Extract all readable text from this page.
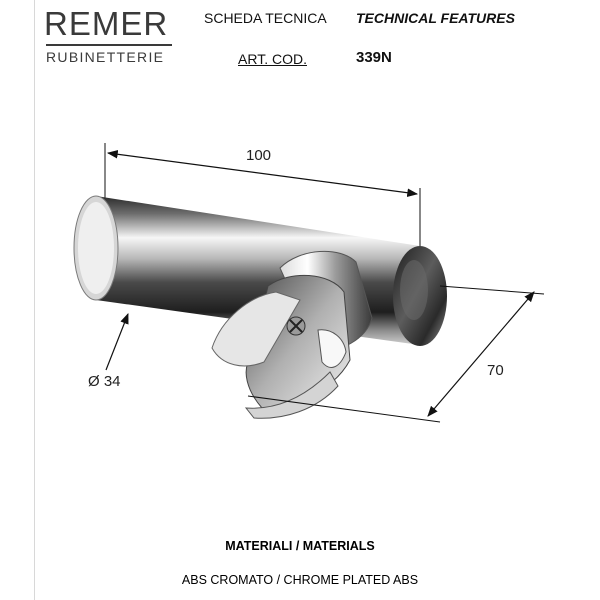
REMER
RUBINETTERIE
SCHEDA TECNICA TECHNICAL FEATURES
ART. COD.	339N
100
Ø 34
70
MATERIALI / MATERIALS
ABS CROMATO / CHROME PLATED ABS
